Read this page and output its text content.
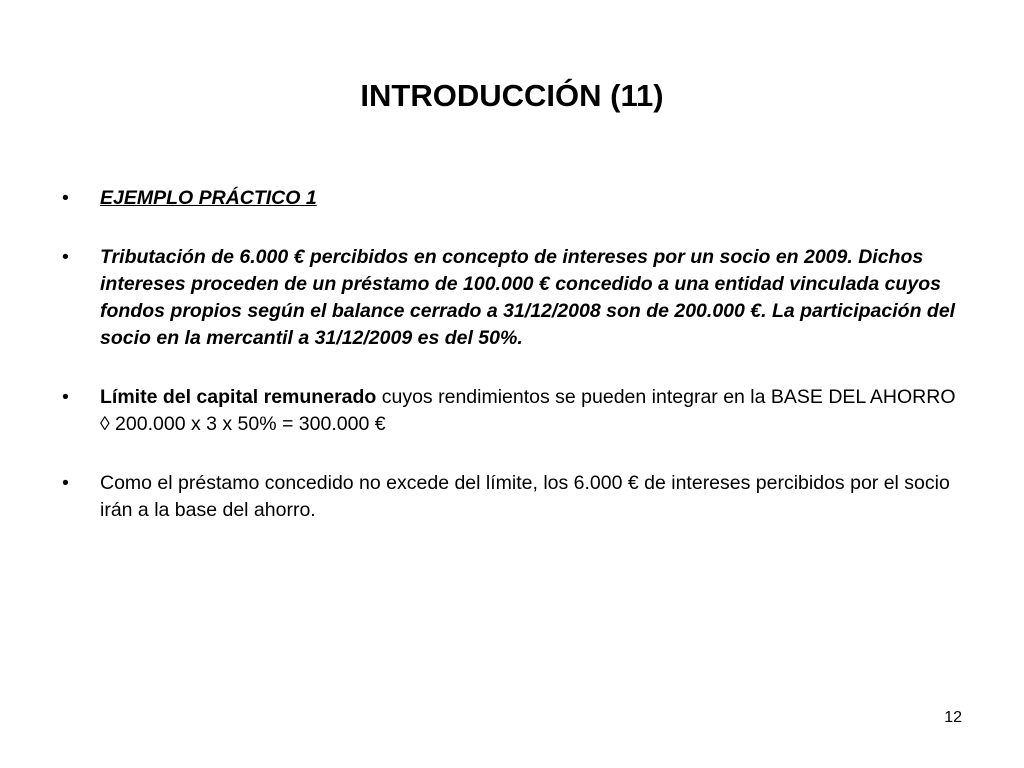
INTRODUCCIÓN (11)
•	EJEMPLO PRÁCTICO 1
•	Tributación de 6.000 € percibidos en concepto de intereses por un socio en 2009. Dichos intereses proceden de un préstamo de 100.000 € concedido a una entidad vinculada cuyos fondos propios según el balance cerrado a 31/12/2008 son de 200.000 €. La participación del socio en la mercantil a 31/12/2009 es del 50%.
•	Límite del capital remunerado cuyos rendimientos se pueden integrar en la BASE DEL AHORRO ◊ 200.000 x 3 x 50% = 300.000 €
•	Como el préstamo concedido no excede del límite, los 6.000 € de intereses percibidos por el socio irán a la base del ahorro.
12
